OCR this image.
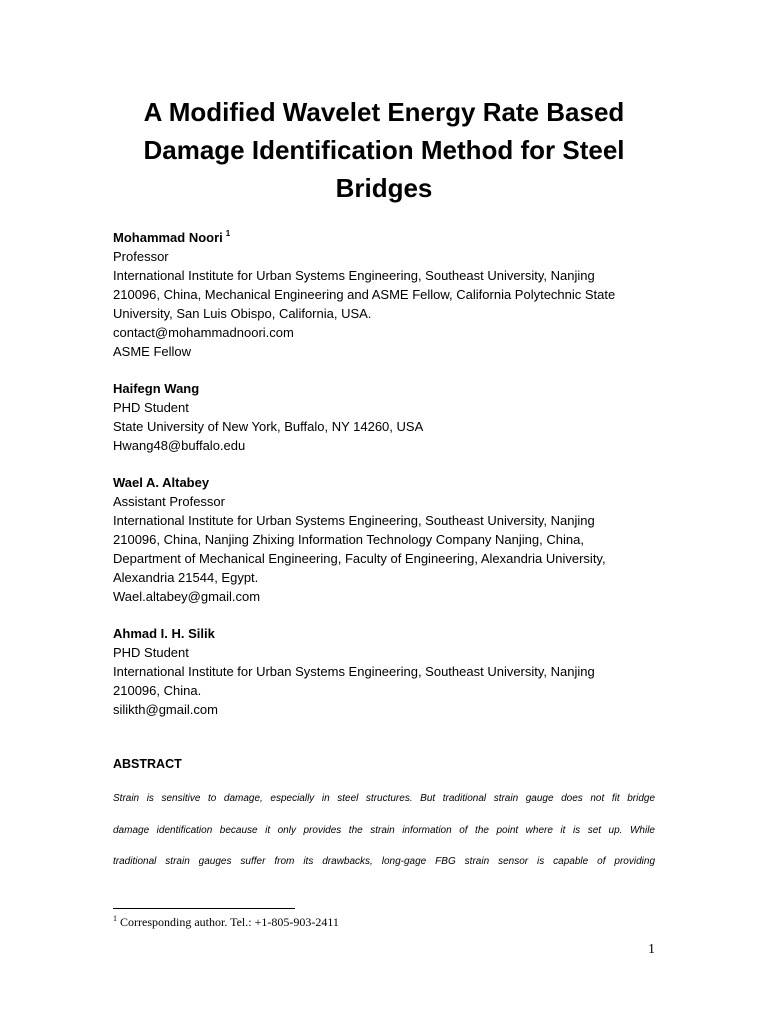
A Modified Wavelet Energy Rate Based
Damage Identification Method for Steel
Bridges
Mohammad Noori $^1$
Professor
International Institute for Urban Systems Engineering, Southeast University, Nanjing
210096, China, Mechanical Engineering and ASME Fellow, California Polytechnic State
University, San Luis Obispo, California, USA.
contact@mohammadnoori.com
ASME Fellow
Haifegn Wang
PHD Student
State University of New York, Buffalo, NY 14260, USA
Hwang48@buffalo.edu
Wael A. Altabey
Assistant Professor
International Institute for Urban Systems Engineering, Southeast University, Nanjing
210096, China, Nanjing Zhixing Information Technology Company Nanjing, China,
Department of Mechanical Engineering, Faculty of Engineering, Alexandria University,
Alexandria 21544, Egypt.
Wael.altabey@gmail.com
Ahmad I. H. Silik
PHD Student
International Institute for Urban Systems Engineering, Southeast University, Nanjing
210096, China.
silikth@gmail.com
ABSTRACT
Strain is sensitive to damage, especially in steel structures. But traditional strain gauge does not fit bridge
damage identification because it only provides the strain information of the point where it is set up. While
traditional strain gauges suffer from its drawbacks, long-gage FBG strain sensor is capable of providing
$^1$ Corresponding author. Tel.: +1-805-903-2411
1
